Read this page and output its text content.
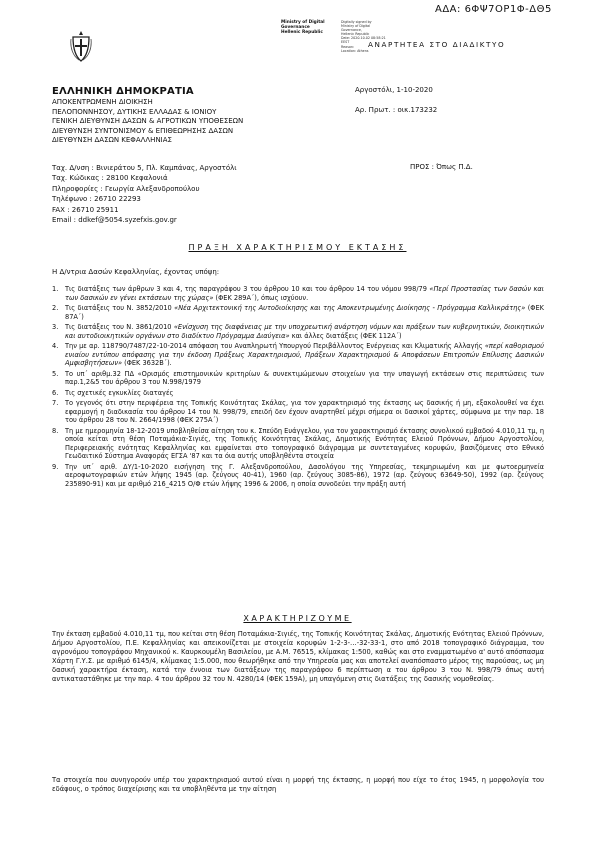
ΑΔΑ: 6ΦΨ7ΟΡ1Φ-ΔΘ5
Ministry of Digital
Governance
Hellenic Republic
Digitally signed by
Ministry of Digital
Governance,
Hellenic Republic
Date: 2020.10.02 08:58:21
EEST
Reason:
Location: Athens
ΑΝΑΡΤΗΤΕΑ ΣΤΟ ΔΙΑΔΙΚΤΥΟ
ΕΛΛΗΝΙΚΗ ΔΗΜΟΚΡΑΤΙΑ
ΑΠΟΚΕΝΤΡΩΜΕΝΗ ΔΙΟΙΚΗΣΗ
ΠΕΛΟΠΟΝΝΗΣΟΥ, ΔΥΤΙΚΗΣ ΕΛΛΑΔΑΣ & ΙΟΝΙΟΥ
ΓΕΝΙΚΗ ΔΙΕΥΘΥΝΣΗ ΔΑΣΩΝ & ΑΓΡΟΤΙΚΩΝ ΥΠΟΘΕΣΕΩΝ
ΔΙΕΥΘΥΝΣΗ ΣΥΝΤΟΝΙΣΜΟΥ & ΕΠΙΘΕΩΡΗΣΗΣ ΔΑΣΩΝ
ΔΙΕΥΘΥΝΣΗ ΔΑΣΩΝ ΚΕΦΑΛΛΗΝΙΑΣ
Αργοστόλι, 1-10-2020
Αρ. Πρωτ. : οικ.173232
Ταχ. Δ/νση : Βινιεράτου 5, Πλ. Καμπάνας, Αργοστόλι
Ταχ. Κώδικας : 28100 Κεφαλονιά
Πληροφορίες : Γεωργία Αλεξανδροπούλου
Τηλέφωνο : 26710 22293
FAX : 26710 25911
Email : ddkef@5054.syzefxis.gov.gr
ΠΡΟΣ : Όπως Π.Δ.
ΠΡΑΞΗ ΧΑΡΑΚΤΗΡΙΣΜΟΥ ΕΚΤΑΣΗΣ
Η Δ/ντρια Δασών Κεφαλληνίας, έχοντας υπόψη:
1. Τις διατάξεις των άρθρων 3 και 4, της παραγράφου 3 του άρθρου 10 και του άρθρου 14 του νόμου 998/79 «Περί Προστασίας των δασών και των δασικών εν γένει εκτάσεων της χώρας» (ΦΕΚ 289Α΄), όπως ισχύουν.
2. Τις διατάξεις του Ν. 3852/2010 «Νέα Αρχιτεκτονική της Αυτοδιοίκησης και της Αποκεντρωμένης Διοίκησης - Πρόγραμμα Καλλικράτης» (ΦΕΚ 87Α΄)
3. Τις διατάξεις του Ν. 3861/2010 «Ενίσχυση της διαφάνειας με την υποχρεωτική ανάρτηση νόμων και πράξεων των κυβερνητικών, διοικητικών και αυτοδιοικητικών οργάνων στο διαδίκτυο Πρόγραμμα Διαύγεια» και άλλες διατάξεις (ΦΕΚ 112Α΄)
4. Την με αρ. 118790/7487/22-10-2014 απόφαση του Αναπληρωτή Υπουργού Περιβάλλοντος Ενέργειας και Κλιματικής Αλλαγής «περί καθορισμού ενιαίου εντύπου απόφασης για την έκδοση Πράξεως Χαρακτηρισμού, Πράξεων Χαρακτηρισμού & Αποφάσεων Επιτροπών Επίλυσης Δασικών Αμφισβητήσεων» (ΦΕΚ 3632Β΄).
5. Το υπ΄ αριθμ.32 ΠΔ «Ορισμός επιστημονικών κριτηρίων & συνεκτιμώμενων στοιχείων για την υπαγωγή εκτάσεων στις περιπτώσεις των παρ.1,2&5 του άρθρου 3 του Ν.998/1979
6. Τις σχετικές εγκυκλίες διαταγές
7. Το γεγονός ότι στην περιφέρεια της Τοπικής Κοινότητας Σκάλας, για τον χαρακτηρισμό της έκτασης ως δασικής ή μη, εξακολουθεί να έχει εφαρμογή η διαδικασία του άρθρου 14 του Ν. 998/79, επειδή δεν έχουν αναρτηθεί μέχρι σήμερα οι δασικοί χάρτες, σύμφωνα με την παρ. 18 του άρθρου 28 του Ν. 2664/1998 (ΦΕΚ 275Α΄)
8. Τη με ημερομηνία 18-12-2019 υποβληθείσα αίτηση του κ. Σπεύδη Ευάγγελου, για τον χαρακτηρισμό έκτασης συνολικού εμβαδού 4.010,11 τμ, η οποία κείται στη θέση Ποταμάκια-Σιγιές, της Τοπικής Κοινότητας Σκάλας, Δημοτικής Ενότητας Ελειού Πρόννων, Δήμου Αργοστολίου, Περιφερειακής ενότητας Κεφαλληνίας και εμφαίνεται στο τοπογραφικό διάγραμμα με συντεταγμένες κορυφών, βασιζόμενες στο Εθνικό Γεωδαιτικό Σύστημα Αναφοράς ΕΓΣΑ '87 και τα όια αυτής υποβληθέντα στοιχεία
9. Την υπ΄ αριθ. ΔΥ/1-10-2020 εισήγηση της Γ. Αλεξανδροπούλου, Δασολόγου της Υπηρεσίας, τεκμηριωμένη και με φωτοερμηνεία αεροφωτογραφιών ετών λήψης 1945 (αρ. ζεύγους 40-41), 1960 (αρ. ζεύγους 3085-86), 1972 (αρ. ζεύγους 63649-50), 1992 (αρ. ζεύγους 235890-91) και με αριθμό 216_4215 Ο/Φ ετών λήψης 1996 & 2006, η οποία συνοδεύει την πράξη αυτή
ΧΑΡΑΚΤΗΡΙΖΟΥΜΕ

Την έκταση εμβαδού 4.010,11 τμ, που κείται στη θέση Ποταμάκια-Σιγιές, της Τοπικής Κοινότητας Σκάλας, Δημοτικής Ενότητας Ελειού Πρόννων, Δήμου Αργοστολίου, Π.Ε. Κεφαλληνίας και απεικονίζεται με στοιχεία κορυφών 1-2-3-…-32-33-1, στο από 2018 τοπογραφικό διάγραμμα, του αγρονόμου τοπογράφου Μηχανικού κ. Καυρκουμέλη Βασιλείου, με Α.Μ. 76515, κλίμακας 1:500, καθώς και στο εναμματωμένο α' αυτό απόσπασμα Χάρτη Γ.Υ.Σ. με αριθμό 6145/4, κλίμακας 1:5.000, που θεωρήθηκε από την Υπηρεσία μας και αποτελεί αναπόσπαστο μέρος της παρούσας, ως μη δασική χαρακτήρα έκταση, κατά την έννοια των διατάξεων της παραγράφου 6 περίπτωση α του άρθρου 3 του Ν. 998/79 όπως αυτή αντικαταστάθηκε με την παρ. 4 του άρθρου 32 του Ν. 4280/14 (ΦΕΚ 159Α), μη υπαγόμενη στις διατάξεις της δασικής νομοθεσίας.

Τα στοιχεία που συνηγορούν υπέρ του χαρακτηρισμού αυτού είναι η μορφή της έκτασης, η μορφή που είχε το έτος 1945, η μορφολογία του εδάφους, ο τρόπος διαχείρισης και τα υποβληθέντα με την αίτηση
